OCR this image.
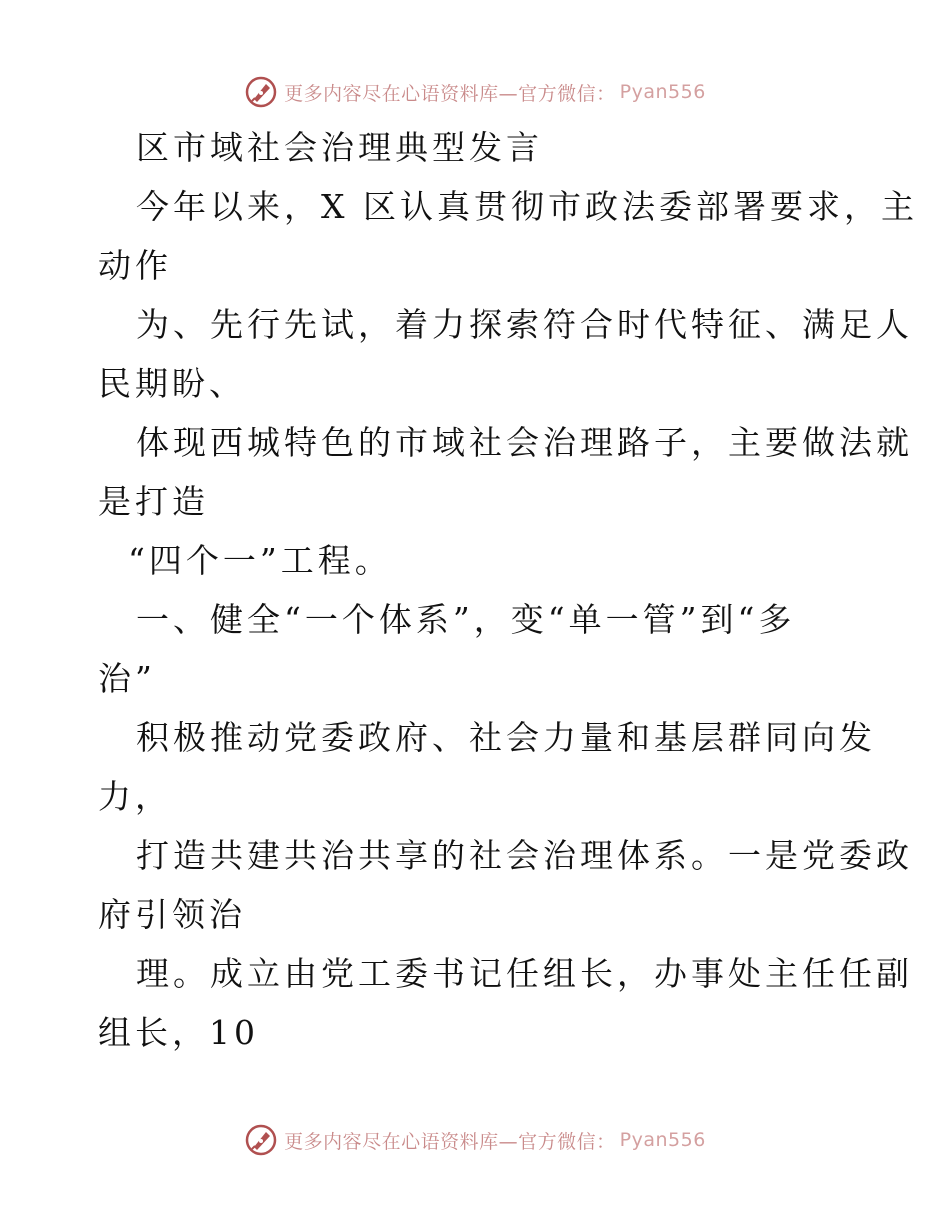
更多内容尽在心语资料库—官方微信： Pyan556

区市域社会治理典型发言

今年以来，X 区认真贯彻市政法委部署要求，主

动作

为、先行先试，着力探索符合时代特征、满足人

民期盼、

体现西城特色的市域社会治理路子，主要做法就

是打造

“四个一”工程。

一、健全“一个体系”，变“单一管”到“多

治”

积极推动党委政府、社会力量和基层群同向发

力，

打造共建共治共享的社会治理体系。一是党委政

府引领治

理。成立由党工委书记任组长，办事处主任任副

组长，10

更多内容尽在心语资料库—官方微信： Pyan556
